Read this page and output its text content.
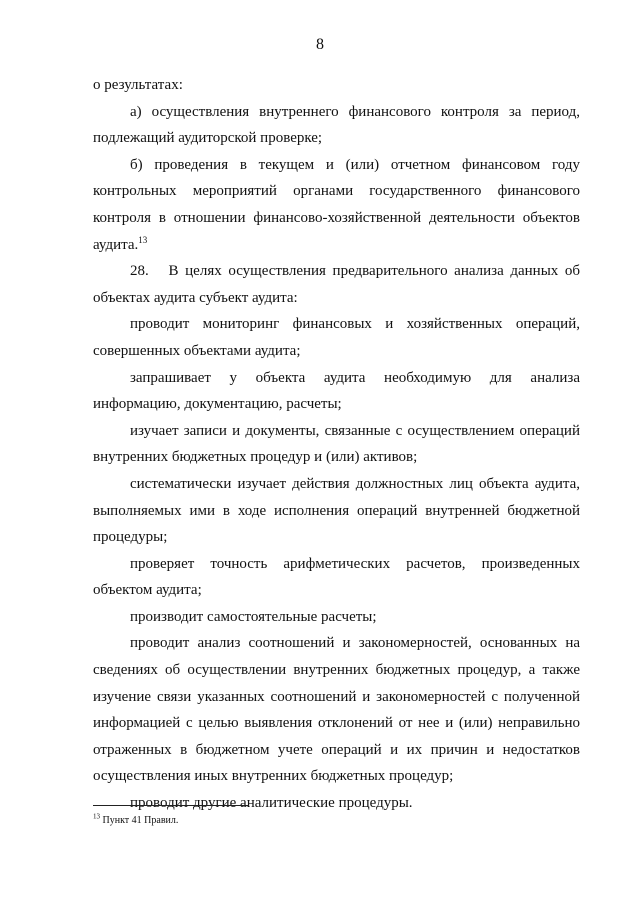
8

о результатах:

а) осуществления внутреннего финансового контроля за период, подлежащий аудиторской проверке;

б) проведения в текущем и (или) отчетном финансовом году контрольных мероприятий органами государственного финансового контроля в отношении финансово-хозяйственной деятельности объектов аудита.$^{13}$

28.   В целях осуществления предварительного анализа данных об объектах аудита субъект аудита:

проводит мониторинг финансовых и хозяйственных операций, совершенных объектами аудита;

запрашивает у объекта аудита необходимую для анализа информацию, документацию, расчеты;

изучает записи и документы, связанные с осуществлением операций внутренних бюджетных процедур и (или) активов;

систематически изучает действия должностных лиц объекта аудита, выполняемых ими в ходе исполнения операций внутренней бюджетной процедуры;

проверяет точность арифметических расчетов, произведенных объектом аудита;

производит самостоятельные расчеты;

проводит анализ соотношений и закономерностей, основанных на сведениях об осуществлении внутренних бюджетных процедур, а также изучение связи указанных соотношений и закономерностей с полученной информацией с целью выявления отклонений от нее и (или) неправильно отраженных в бюджетном учете операций и их причин и недостатков осуществления иных внутренних бюджетных процедур;

проводит другие аналитические процедуры.

$^{13}$ Пункт 41 Правил.
